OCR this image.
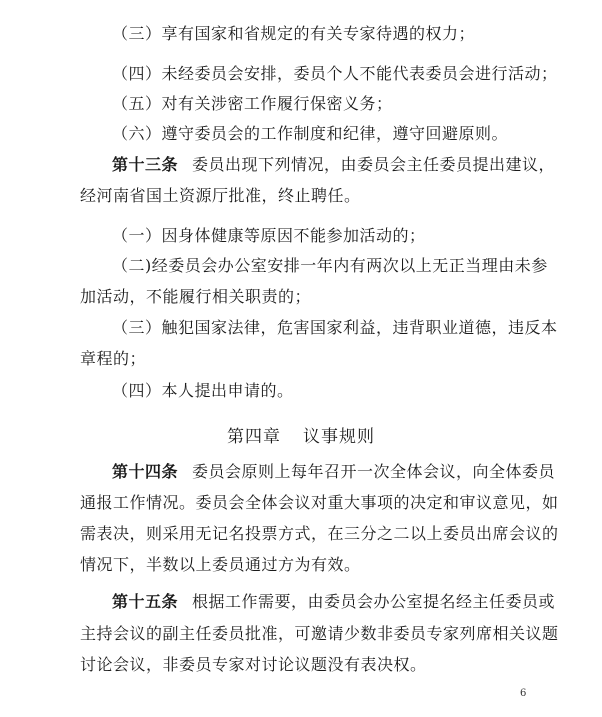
（三）享有国家和省规定的有关专家待遇的权力；
（四）未经委员会安排，委员个人不能代表委员会进行活动；
（五）对有关涉密工作履行保密义务；
（六）遵守委员会的工作制度和纪律，遵守回避原则。
第十三条 委员出现下列情况，由委员会主任委员提出建议，
经河南省国土资源厅批准，终止聘任。
（一）因身体健康等原因不能参加活动的；
（二)经委员会办公室安排一年内有两次以上无正当理由未参
加活动，不能履行相关职责的；
（三）触犯国家法律，危害国家利益，违背职业道德，违反本
章程的；
（四）本人提出申请的。
第四章 议事规则
第十四条 委员会原则上每年召开一次全体会议，向全体委员
通报工作情况。委员会全体会议对重大事项的决定和审议意见，如
需表决，则采用无记名投票方式，在三分之二以上委员出席会议的
情况下，半数以上委员通过方为有效。
第十五条 根据工作需要，由委员会办公室提名经主任委员或
主持会议的副主任委员批准，可邀请少数非委员专家列席相关议题
讨论会议，非委员专家对讨论议题没有表决权。
6
